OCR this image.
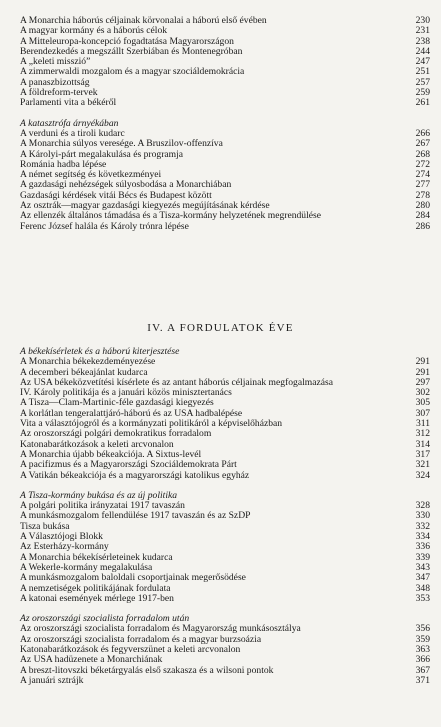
A Monarchia háborús céljainak körvonalai a háború első évében	230
A magyar kormány és a háborús célok	231
A Mitteleuropa-koncepció fogadtatása Magyarországon	238
Berendezkedés a megszállt Szerbiában és Montenegróban	244
A „keleti misszió”	247
A zimmerwaldi mozgalom és a magyar szociáldemokrácia	251
A panaszbizottság	257
A földreform-tervek	259
Parlamenti vita a békéről	261
A katasztrófa árnyékában
A verduni és a tiroli kudarc	266
A Monarchia súlyos veresége. A Bruszilov-offenzíva	267
A Károlyi-párt megalakulása és programja	268
Románia hadba lépése	272
A német segítség és következményei	274
A gazdasági nehézségek súlyosbodása a Monarchiában	277
Gazdasági kérdések vitái Bécs és Budapest között	278
Az osztrák—magyar gazdasági kiegyezés megújításának kérdése	280
Az ellenzék általános támadása és a Tisza-kormány helyzetének megrendülése	284
Ferenc József halála és Károly trónra lépése	286
IV. A FORDULATOK ÉVE
A békekísérletek és a háború kiterjesztése
A Monarchia békekezdeményezése	291
A decemberi békeajánlat kudarca	291
Az USA békeközvetítési kísérlete és az antant háborús céljainak megfogalmazása	297
IV. Károly politikája és a januári közös minisztertanács	302
A Tisza—Clam-Martinic-féle gazdasági kiegyezés	305
A korlátlan tengeralattjáró-háború és az USA hadbalépése	307
Vita a választójogról és a kormányzati politikáról a képviselőházban	311
Az oroszországi polgári demokratikus forradalom	312
Katonabarátkozások a keleti arcvonalon	314
A Monarchia újabb békeakciója. A Sixtus-levél	317
A pacifizmus és a Magyarországi Szociáldemokrata Párt	321
A Vatikán békeakciója és a magyarországi katolikus egyház	324
A Tisza-kormány bukása és az új politika
A polgári politika irányzatai 1917 tavaszán	328
A munkásmozgalom fellendülése 1917 tavaszán és az SzDP	330
Tisza bukása	332
A Választójogi Blokk	334
Az Esterházy-kormány	336
A Monarchia békekísérleteinek kudarca	339
A Wekerle-kormány megalakulása	343
A munkásmozgalom baloldali csoportjainak megerősödése	347
A nemzetiségek politikájának fordulata	348
A katonai események mérlege 1917-ben	353
Az oroszországi szocialista forradalom után
Az oroszországi szocialista forradalom és Magyarország munkásosztálya	356
Az oroszországi szocialista forradalom és a magyar burzsoázia	359
Katonabarátkozások és fegyverszünet a keleti arcvonalon	363
Az USA hadüzenete a Monarchiának	366
A breszt-litovszki béketárgyalás első szakasza és a wilsoni pontok	367
A januári sztrájk	371
